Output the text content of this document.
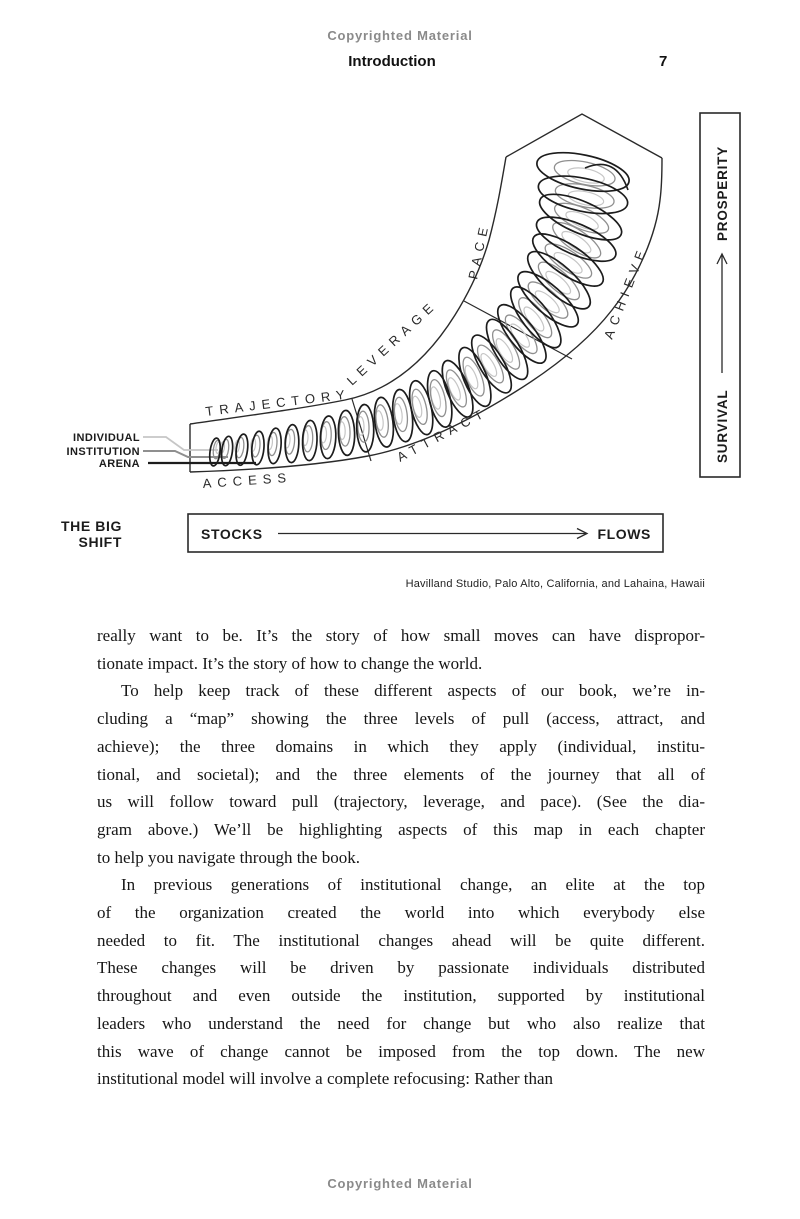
Copyrighted Material
Introduction	7
TRAJECTORY
LEVERAGE
PACE
ACCESS
ATTRACT
ACHIEVE
INDIVIDUAL
INSTITUTION
ARENA
THE BIG
SHIFT	STOCKS	FLOWS
SURVIVAL
PROSPERITY
Havilland Studio, Palo Alto, California, and Lahaina, Hawaii
really want to be. It’s the story of how small moves can have dispropor-
tionate impact. It’s the story of how to change the world.
To help keep track of these different aspects of our book, we’re in-
cluding a “map” showing the three levels of pull (access, attract, and
achieve); the three domains in which they apply (individual, institu-
tional, and societal); and the three elements of the journey that all of
us will follow toward pull (trajectory, leverage, and pace). (See the dia-
gram above.) We’ll be highlighting aspects of this map in each chapter
to help you navigate through the book.
In previous generations of institutional change, an elite at the top
of the organization created the world into which everybody else
needed to fit. The institutional changes ahead will be quite different.
These changes will be driven by passionate individuals distributed
throughout and even outside the institution, supported by institutional
leaders who understand the need for change but who also realize that
this wave of change cannot be imposed from the top down. The new
institutional model will involve a complete refocusing: Rather than
Copyrighted Material
